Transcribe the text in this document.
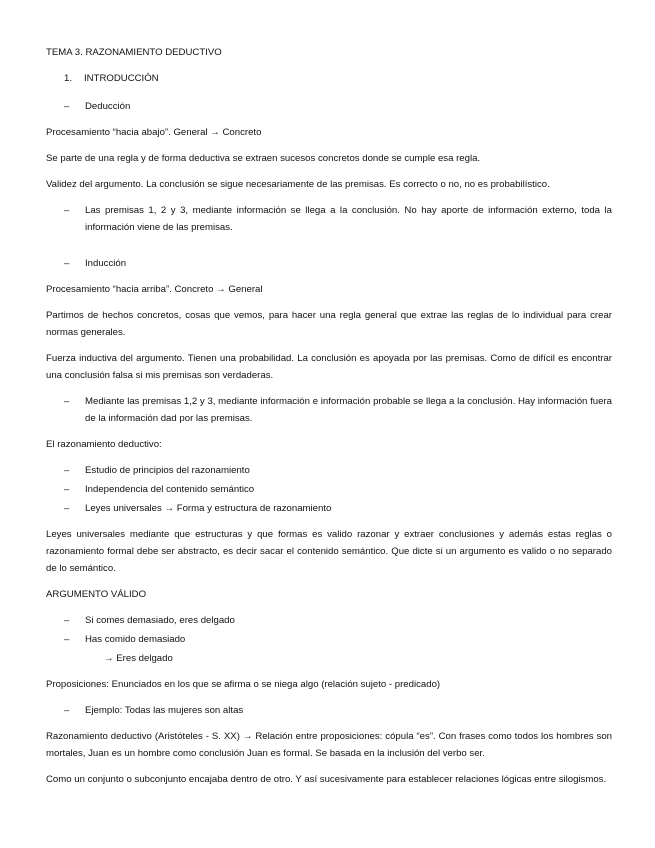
TEMA 3. RAZONAMIENTO DEDUCTIVO

1. INTRODUCCIÓN

– Deducción

Procesamiento “hacia abajo”. General → Concreto

Se parte de una regla y de forma deductiva se extraen sucesos concretos donde se cumple esa regla.

Validez del argumento. La conclusión se sigue necesariamente de las premisas. Es correcto o no, no es probabilístico.

– Las premisas 1, 2 y 3, mediante información se llega a la conclusión. No hay aporte de información externo, toda la información viene de las premisas.
– Inducción

Procesamiento “hacia arriba”. Concreto → General

Partimos de hechos concretos, cosas que vemos, para hacer una regla general que extrae las reglas de lo individual para crear normas generales.

Fuerza inductiva del argumento. Tienen una probabilidad. La conclusión es apoyada por las premisas. Como de difícil es encontrar una conclusión falsa si mis premisas son verdaderas.

– Mediante las premisas 1,2 y 3, mediante información e información probable se llega a la conclusión. Hay información fuera de la información dad por las premisas.

El razonamiento deductivo:

– Estudio de principios del razonamiento
– Independencia del contenido semántico
– Leyes universales → Forma y estructura de razonamiento

Leyes universales mediante que estructuras y que formas es valido razonar y extraer conclusiones y además estas reglas o razonamiento formal debe ser abstracto, es decir sacar el contenido semántico. Que dicte si un argumento es valido o no separado de lo semántico.

ARGUMENTO VÁLIDO

– Si comes demasiado, eres delgado
– Has comido demasiado

→ Eres delgado

Proposiciones: Enunciados en los que se afirma o se niega algo (relación sujeto - predicado)

– Ejemplo: Todas las mujeres son altas

Razonamiento deductivo (Aristóteles - S. XX) → Relación entre proposiciones: cópula “es”. Con frases como todos los hombres son mortales, Juan es un hombre como conclusión Juan es formal. Se basada en la inclusión del verbo ser.

Como un conjunto o subconjunto encajaba dentro de otro. Y así sucesivamente para establecer relaciones lógicas entre silogismos.
